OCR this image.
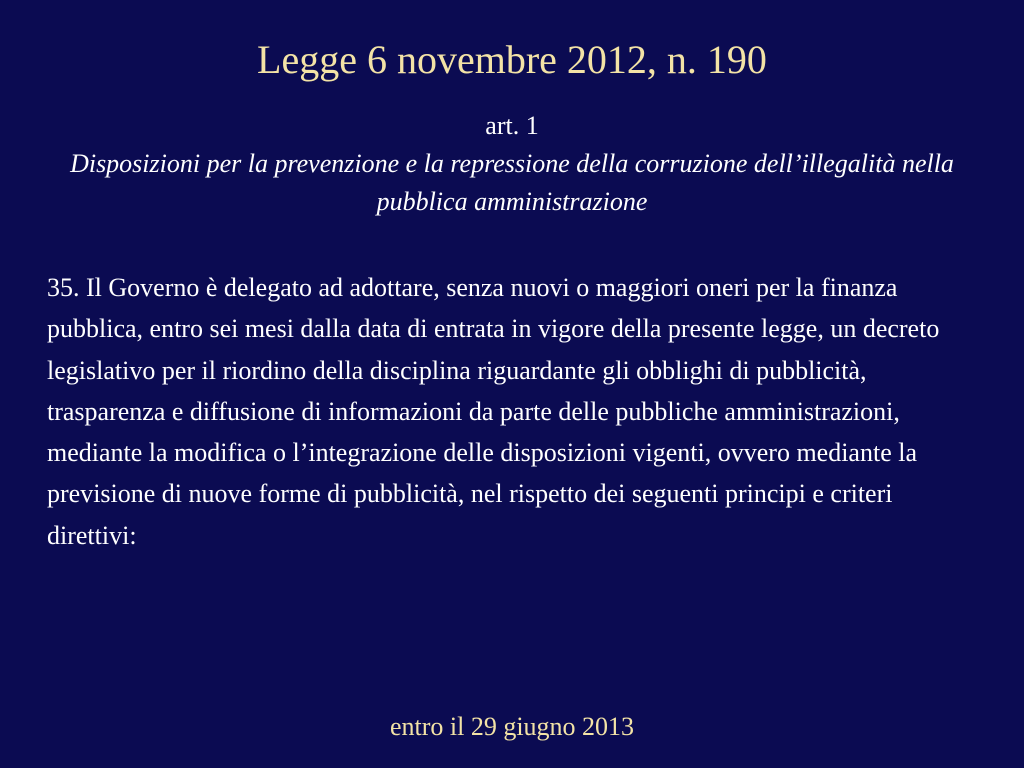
Legge 6 novembre 2012, n. 190
art. 1
Disposizioni per la prevenzione e la repressione della corruzione dell’illegalità nella pubblica amministrazione
35. Il Governo è delegato ad adottare, senza nuovi o maggiori oneri per la finanza pubblica, entro sei mesi dalla data di entrata in vigore della presente legge, un decreto legislativo per il riordino della disciplina riguardante gli obblighi di pubblicità, trasparenza e diffusione di informazioni da parte delle pubbliche amministrazioni, mediante la modifica o l’integrazione delle disposizioni vigenti, ovvero mediante la previsione di nuove forme di pubblicità, nel rispetto dei seguenti principi e criteri direttivi:
entro il 29 giugno 2013
